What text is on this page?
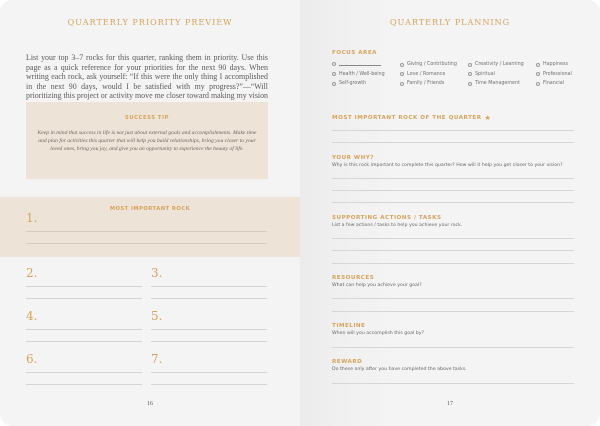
QUARTERLY PRIORITY PREVIEW
List your top 3–7 rocks for this quarter, ranking them in priority. Use this page as a quick reference for your priorities for the next 90 days. When writing each rock, ask yourself: “If this were the only thing I accomplished in the next 90 days, would I be satisfied with my progress?”—“Will prioritizing this project or activity move me closer toward making my vision
SUCCESS TIP
Keep in mind that success in life is not just about external goals and accomplishments. Make time and plan for activities this quarter that will help you build relationships, bring you closer to your loved ones, bring you joy, and give you an opportunity to experience the beauty of life.
MOST IMPORTANT ROCK
1.
2.	3.
4.	5.
6.	7.
16
QUARTERLY PLANNING
FOCUS AREA
Health / Well-being
Self-growth
Giving / Contributing
Love / Romance
Family / Friends
Creativity / Learning
Spiritual
Time Management
Happiness
Professional
Financial
MOST IMPORTANT ROCK OF THE QUARTER ★
YOUR WHY?
Why is this rock important to complete this quarter? How will it help you get closer to your vision?
SUPPORTING ACTIONS / TASKS
List a few actions / tasks to help you achieve your rock.
RESOURCES
What can help you achieve your goal?
TIMELINE
When will you accomplish this goal by?
REWARD
Do these only after you have completed the above tasks.
17
